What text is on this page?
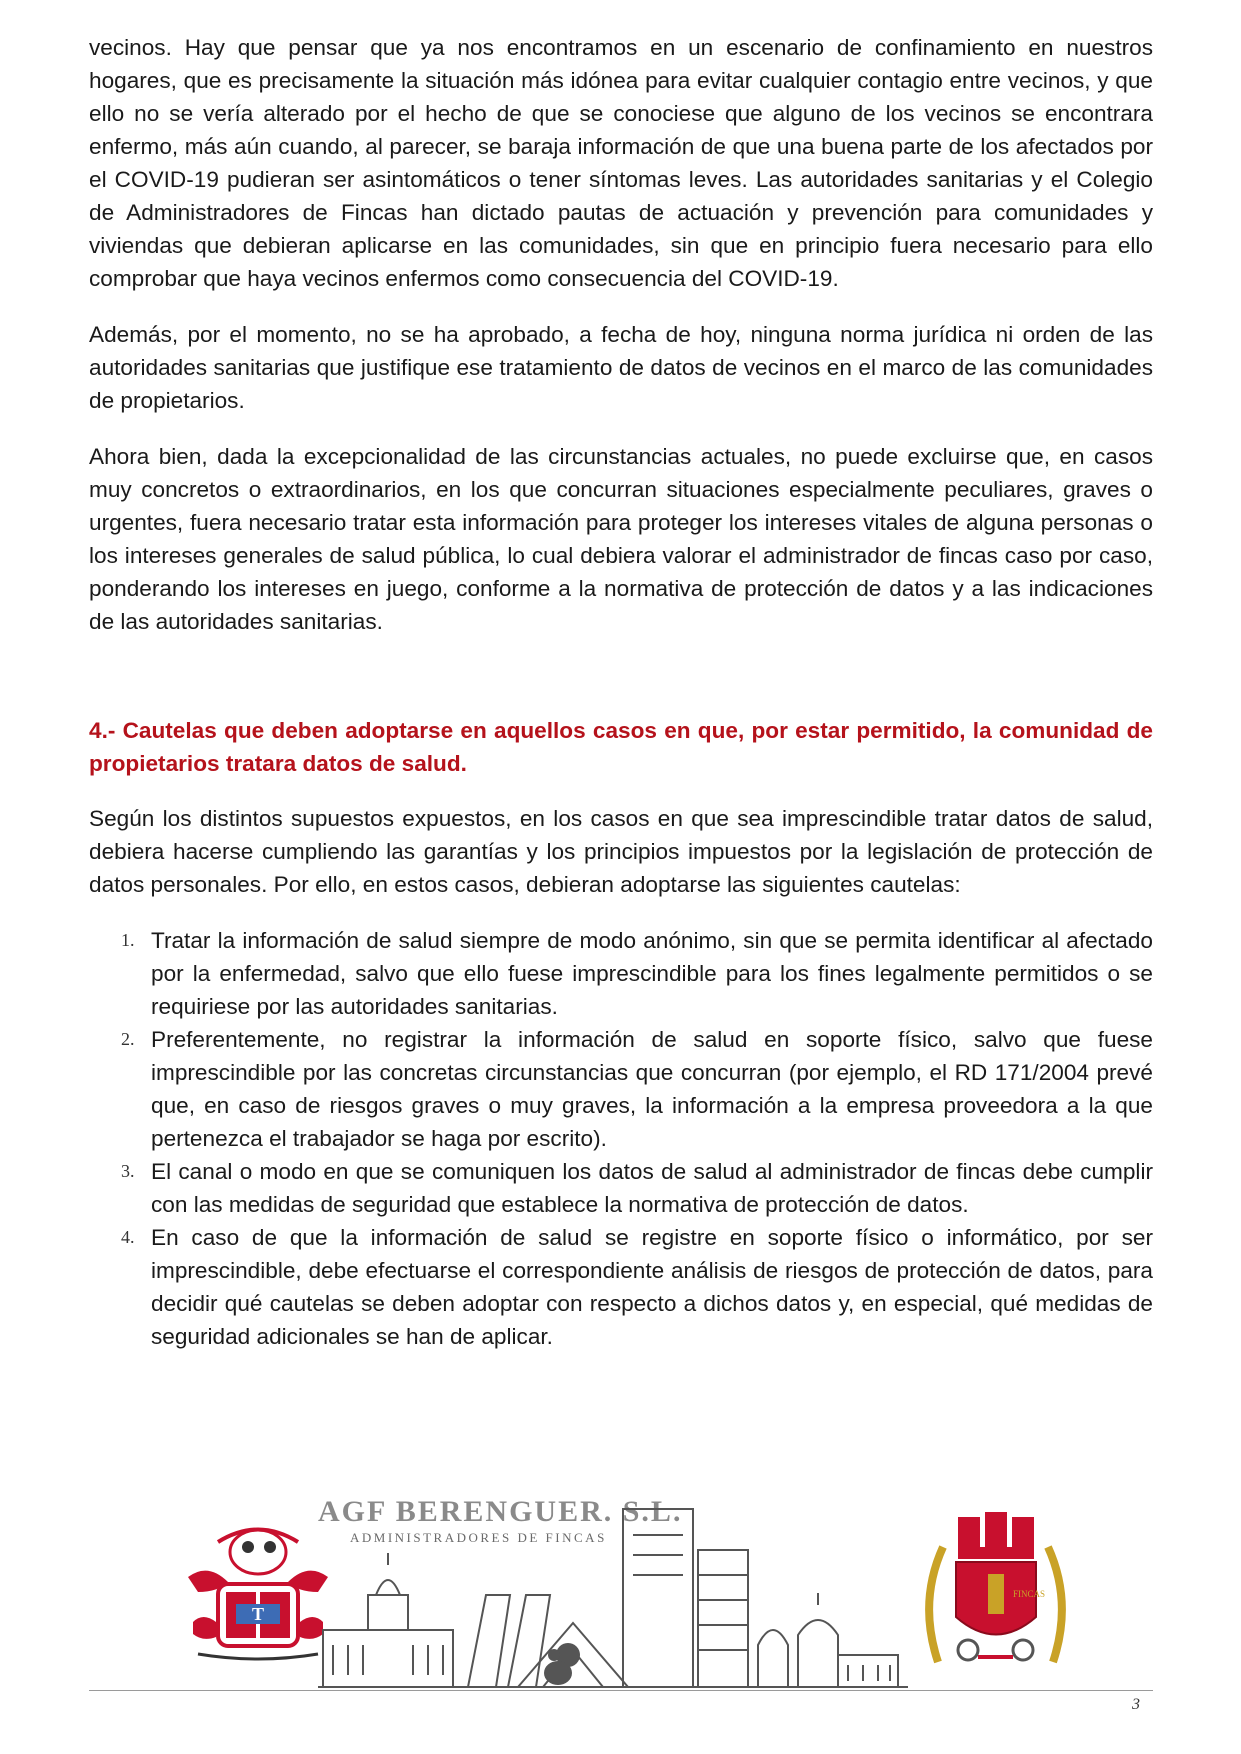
vecinos. Hay que pensar que ya nos encontramos en un escenario de confinamiento en nuestros hogares, que es precisamente la situación más idónea para evitar cualquier contagio entre vecinos, y que ello no se vería alterado por el hecho de que se conociese que alguno de los vecinos se encontrara enfermo, más aún cuando, al parecer, se baraja información de que una buena parte de los afectados por el COVID-19 pudieran ser asintomáticos o tener síntomas leves. Las autoridades sanitarias y el Colegio de Administradores de Fincas han dictado pautas de actuación y prevención para comunidades y viviendas que debieran aplicarse en las comunidades, sin que en principio fuera necesario para ello comprobar que haya vecinos enfermos como consecuencia del COVID-19.

Además, por el momento, no se ha aprobado, a fecha de hoy, ninguna norma jurídica ni orden de las autoridades sanitarias que justifique ese tratamiento de datos de vecinos en el marco de las comunidades de propietarios.

Ahora bien, dada la excepcionalidad de las circunstancias actuales, no puede excluirse que, en casos muy concretos o extraordinarios, en los que concurran situaciones especialmente peculiares, graves o urgentes, fuera necesario tratar esta información para proteger los intereses vitales de alguna personas o los intereses generales de salud pública, lo cual debiera valorar el administrador de fincas caso por caso, ponderando los intereses en juego, conforme a la normativa de protección de datos y a las indicaciones de las autoridades sanitarias.

4.- Cautelas que deben adoptarse en aquellos casos en que, por estar permitido, la comunidad de propietarios tratara datos de salud.

Según los distintos supuestos expuestos, en los casos en que sea imprescindible tratar datos de salud, debiera hacerse cumpliendo las garantías y los principios impuestos por la legislación de protección de datos personales. Por ello, en estos casos, debieran adoptarse las siguientes cautelas:

1. Tratar la información de salud siempre de modo anónimo, sin que se permita identificar al afectado por la enfermedad, salvo que ello fuese imprescindible para los fines legalmente permitidos o se requiriese por las autoridades sanitarias.
2. Preferentemente, no registrar la información de salud en soporte físico, salvo que fuese imprescindible por las concretas circunstancias que concurran (por ejemplo, el RD 171/2004 prevé que, en caso de riesgos graves o muy graves, la información a la empresa proveedora a la que pertenezca el trabajador se haga por escrito).
3. El canal o modo en que se comuniquen los datos de salud al administrador de fincas debe cumplir con las medidas de seguridad que establece la normativa de protección de datos.
4. En caso de que la información de salud se registre en soporte físico o informático, por ser imprescindible, debe efectuarse el correspondiente análisis de riesgos de protección de datos, para decidir qué cautelas se deben adoptar con respecto a dichos datos y, en especial, qué medidas de seguridad adicionales se han de aplicar.
T
AGF BERENGUER. S.L.
ADMINISTRADORES DE FINCAS
FINCAS
3
